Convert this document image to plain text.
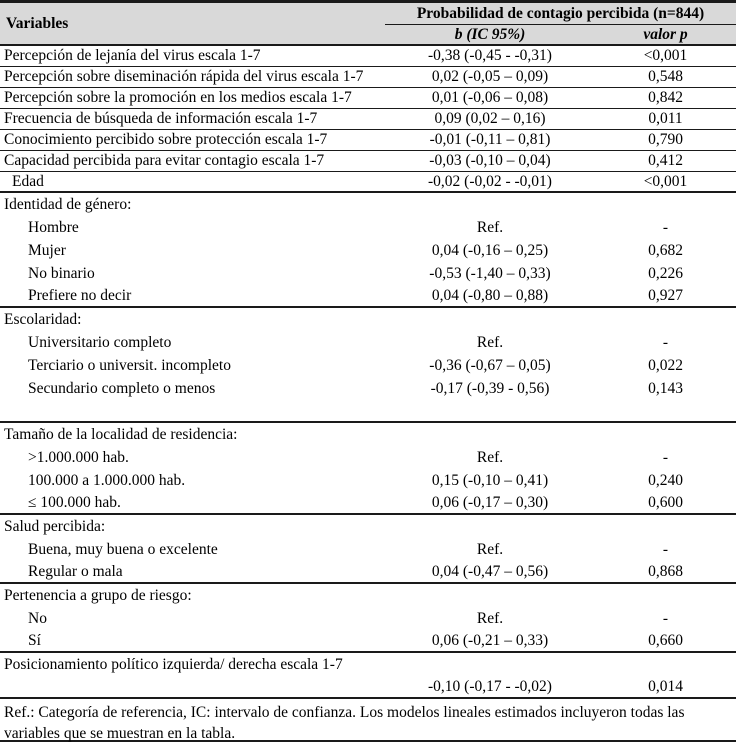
Variables
Probabilidad de contagio percibida (n=844)
b (IC 95%)	valor p
Percepción de lejanía del virus escala 1-7	-0,38 (-0,45 - -0,31)	<0,001
Percepción sobre diseminación rápida del virus escala 1-7	0,02 (-0,05 – 0,09)	0,548
Percepción sobre la promoción en los medios escala 1-7	0,01 (-0,06 – 0,08)	0,842
Frecuencia de búsqueda de información escala 1-7	0,09 (0,02 – 0,16)	0,011
Conocimiento percibido sobre protección escala 1-7	-0,01 (-0,11 – 0,81)	0,790
Capacidad percibida para evitar contagio escala 1-7	-0,03 (-0,10 – 0,04)	0,412
Edad	-0,02 (-0,02 - -0,01)	<0,001
Identidad de género:
Hombre	Ref.	-
Mujer	0,04 (-0,16 – 0,25)	0,682
No binario	-0,53 (-1,40 – 0,33)	0,226
Prefiere no decir	0,04 (-0,80 – 0,88)	0,927
Escolaridad:
Universitario completo	Ref.	-
Terciario o universit. incompleto	-0,36 (-0,67 – 0,05)	0,022
Secundario completo o menos	-0,17 (-0,39 - 0,56)	0,143
Tamaño de la localidad de residencia:
>1.000.000 hab.	Ref.	-
100.000 a 1.000.000 hab.	0,15 (-0,10 – 0,41)	0,240
≤ 100.000 hab.	0,06 (-0,17 – 0,30)	0,600
Salud percibida:
Buena, muy buena o excelente	Ref.	-
Regular o mala	0,04 (-0,47 – 0,56)	0,868
Pertenencia a grupo de riesgo:
No	Ref.	-
Sí	0,06 (-0,21 – 0,33)	0,660
Posicionamiento político izquierda/ derecha escala 1-7
-0,10 (-0,17 - -0,02)	0,014
Ref.: Categoría de referencia, IC: intervalo de confianza. Los modelos lineales estimados incluyeron todas las variables que se muestran en la tabla.
